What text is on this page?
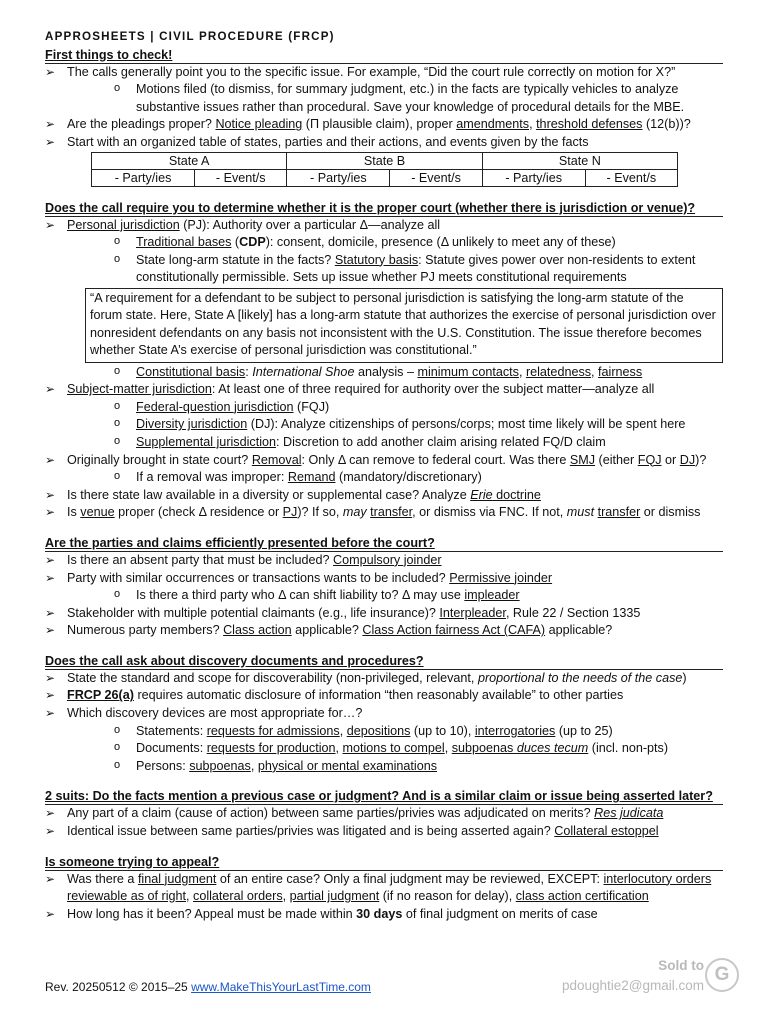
APPROSHEETS | CIVIL PROCEDURE (FRCP)
First things to check!
➢ The calls generally point you to the specific issue. For example, “Did the court rule correctly on motion for X?”
o Motions filed (to dismiss, for summary judgment, etc.) in the facts are typically vehicles to analyze substantive issues rather than procedural. Save your knowledge of procedural details for the MBE.
➢ Are the pleadings proper? Notice pleading (Π plausible claim), proper amendments, threshold defenses (12(b))?
➢ Start with an organized table of states, parties and their actions, and events given by the facts
State A		State B		State N	
- Party/ies	- Event/s	- Party/ies	- Event/s	- Party/ies	- Event/s
Does the call require you to determine whether it is the proper court (whether there is jurisdiction or venue)?
➢ Personal jurisdiction (PJ): Authority over a particular Δ—analyze all
o Traditional bases (CDP): consent, domicile, presence (Δ unlikely to meet any of these)
o State long-arm statute in the facts? Statutory basis: Statute gives power over non-residents to extent constitutionally permissible. Sets up issue whether PJ meets constitutional requirements
“A requirement for a defendant to be subject to personal jurisdiction is satisfying the long-arm statute of the forum state. Here, State A [likely] has a long-arm statute that authorizes the exercise of personal jurisdiction over nonresident defendants on any basis not inconsistent with the U.S. Constitution. The issue therefore becomes whether State A’s exercise of personal jurisdiction was constitutional.”
o Constitutional basis: International Shoe analysis – minimum contacts, relatedness, fairness
➢ Subject-matter jurisdiction: At least one of three required for authority over the subject matter—analyze all
o Federal-question jurisdiction (FQJ)
o Diversity jurisdiction (DJ): Analyze citizenships of persons/corps; most time likely will be spent here
o Supplemental jurisdiction: Discretion to add another claim arising related FQ/D claim
➢ Originally brought in state court? Removal: Only Δ can remove to federal court. Was there SMJ (either FQJ or DJ)?
o If a removal was improper: Remand (mandatory/discretionary)
➢ Is there state law available in a diversity or supplemental case? Analyze Erie doctrine
➢ Is venue proper (check Δ residence or PJ)? If so, may transfer, or dismiss via FNC. If not, must transfer or dismiss
Are the parties and claims efficiently presented before the court?
➢ Is there an absent party that must be included? Compulsory joinder
➢ Party with similar occurrences or transactions wants to be included? Permissive joinder
o Is there a third party who Δ can shift liability to? Δ may use impleader
➢ Stakeholder with multiple potential claimants (e.g., life insurance)? Interpleader, Rule 22 / Section 1335
➢ Numerous party members? Class action applicable? Class Action fairness Act (CAFA) applicable?
Does the call ask about discovery documents and procedures?
➢ State the standard and scope for discoverability (non-privileged, relevant, proportional to the needs of the case)
➢ FRCP 26(a) requires automatic disclosure of information “then reasonably available” to other parties
➢ Which discovery devices are most appropriate for…?
o Statements: requests for admissions, depositions (up to 10), interrogatories (up to 25)
o Documents: requests for production, motions to compel, subpoenas duces tecum (incl. non-pts)
o Persons: subpoenas, physical or mental examinations
2 suits: Do the facts mention a previous case or judgment? And is a similar claim or issue being asserted later?
➢ Any part of a claim (cause of action) between same parties/privies was adjudicated on merits? Res judicata
➢ Identical issue between same parties/privies was litigated and is being asserted again? Collateral estoppel
Is someone trying to appeal?
➢ Was there a final judgment of an entire case? Only a final judgment may be reviewed, EXCEPT: interlocutory orders reviewable as of right, collateral orders, partial judgment (if no reason for delay), class action certification
➢ How long has it been? Appeal must be made within 30 days of final judgment on merits of case
Rev. 20250512 © 2015–25 www.MakeThisYourLastTime.com
Sold to
pdoughtie2@gmail.com
G
